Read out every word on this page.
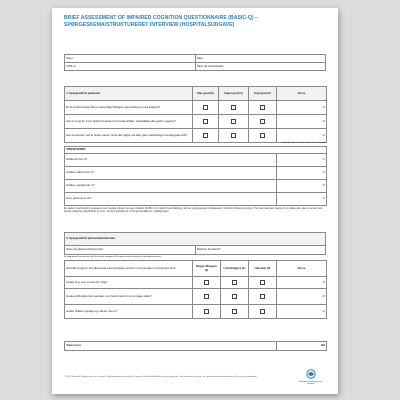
BRIEF ASSESSMENT OF IMPAIRED COGNITION QUESTIONNAIRE (BASIC-Q) – SPØRGESKEMA/STRUKTURERET INTERVIEW (HOSPITALSUDGAVE)
Navn:	Dato:
CPR-nr:	Navn på medarbejder:
1. Spørgsmål til patienten	Ikke grad (0)	Ingen grad (1)	Højt grad (2)	Score
Er din hukommelse blevet væsentligt dårligere sammenlignet med tidligere?				/2
Har du brug for mere hjælp fra andre til at huske aftaler, madindkøb eller andre opgaver?				/2
Har du besvær ved at huske navne, finde det rigtige ord eller gøre sædvanlige hverdagsgøremål?				/2
(Korrekt svar = 1 point, forkert svar = 0 point)
ORIENTERING	
Hvilket år har vi?	/1
Hvilken måned har vi?	/1
Hvilken ugedag har vi?	/1
Hvor gammel er du?	/1
En patient med kognitiv svækkelse kan mangle indsigt i sin egen tilstand. BASIC-Q er derfor mest pålidelig, når der også spørges til pårørende / informant blandt personer. Hvis man ikke kan spørge til en pårørende, kan en anden som kender patienten give BASIC-Q score. Findes vedhjælp af omsorgsinteraktioner i opfølgningen.
2. Spørgsmål til pårørende/informant
Navn på pårørende/informant:	Relation til patient?
Et ubegrænset hvordan der skal flere andre spørgsmål til hvordan som blev opført på slutningen besvaret.
Hvordan fungerer din pårørende sammenlignet med for et par år siden med hensyn til at:	Meget dårligere (2)	Lidt dårligere (1)	Uændret (0)	Score
Huske ting, som er sket for nylig?				/2
Huske indholdet af en samtale, som fandt sted for et par dage siden?				/2
Huske hvilken ugedag og måned, det er?				/2
Total score	/20
© 2019 Nationalt Videnscenter for Demens, Rigshospitalet og udviklet af Jørgen Kirkholm Ms-Nielsen kan frit kopieres i ikke-kommercielt brug. Se www.videnscenterfordemens.dk for mere information.
Nationalt Videnscenter for Demens
